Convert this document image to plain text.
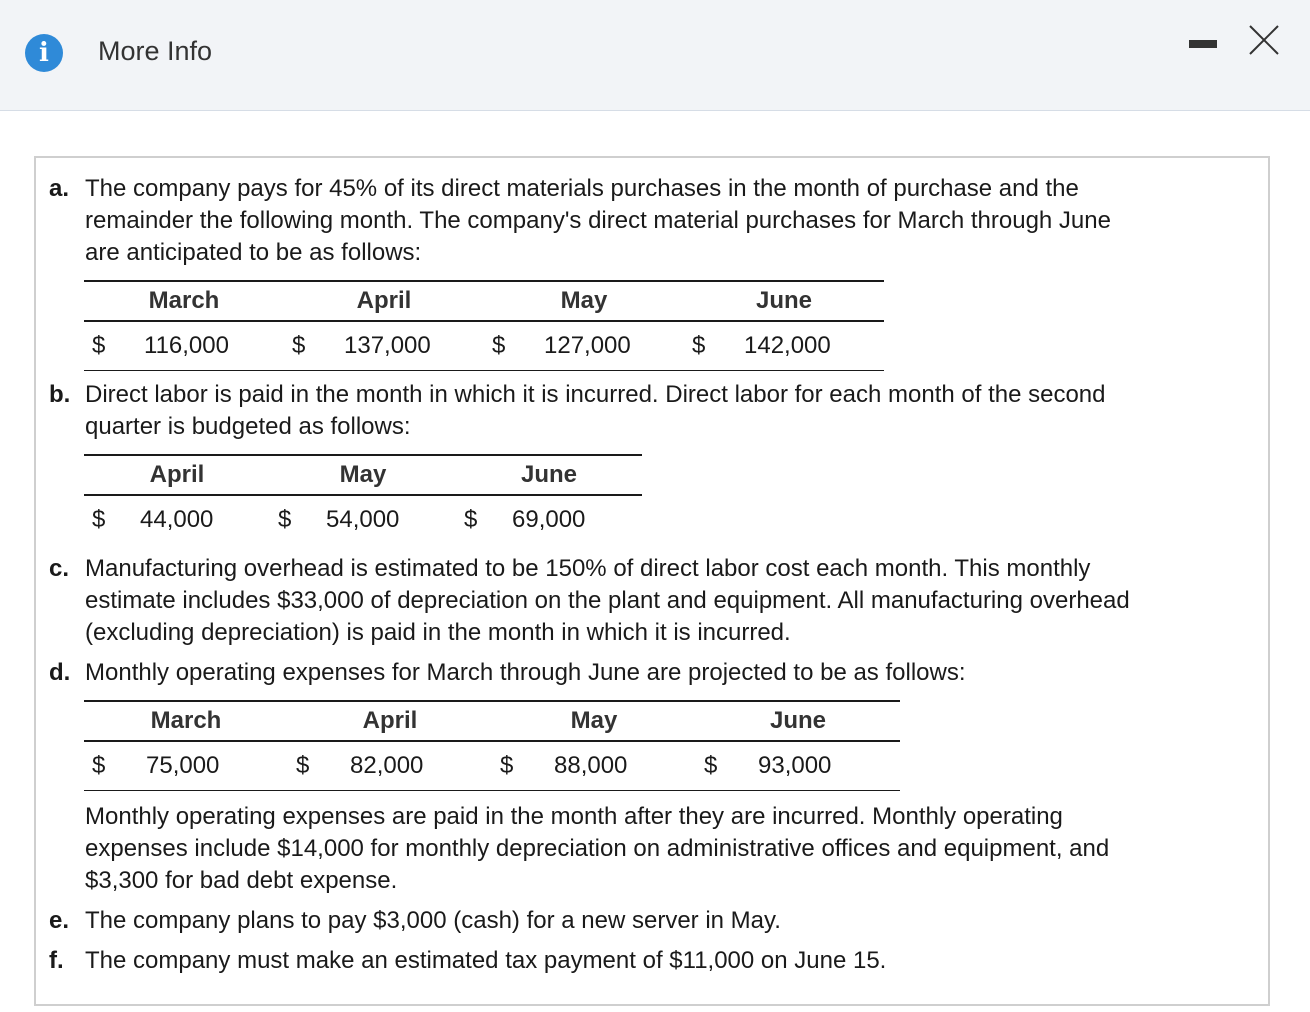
i	More Info
a. The company pays for 45% of its direct materials purchases in the month of purchase and the
remainder the following month. The company's direct material purchases for March through June
are anticipated to be as follows:
March		April		May		June	
$	116,000	$	137,000	$	127,000	$	142,000
b. Direct labor is paid in the month in which it is incurred. Direct labor for each month of the second
quarter is budgeted as follows:
April		May		June	
$	44,000	$	54,000	$	69,000
c. Manufacturing overhead is estimated to be 150% of direct labor cost each month. This monthly
estimate includes $33,000 of depreciation on the plant and equipment. All manufacturing overhead
(excluding depreciation) is paid in the month in which it is incurred.
d. Monthly operating expenses for March through June are projected to be as follows:
March		April		May		June	
$	75,000	$	82,000	$	88,000	$	93,000
Monthly operating expenses are paid in the month after they are incurred. Monthly operating
expenses include $14,000 for monthly depreciation on administrative offices and equipment, and
$3,300 for bad debt expense.
e. The company plans to pay $3,000 (cash) for a new server in May.
f. The company must make an estimated tax payment of $11,000 on June 15.
